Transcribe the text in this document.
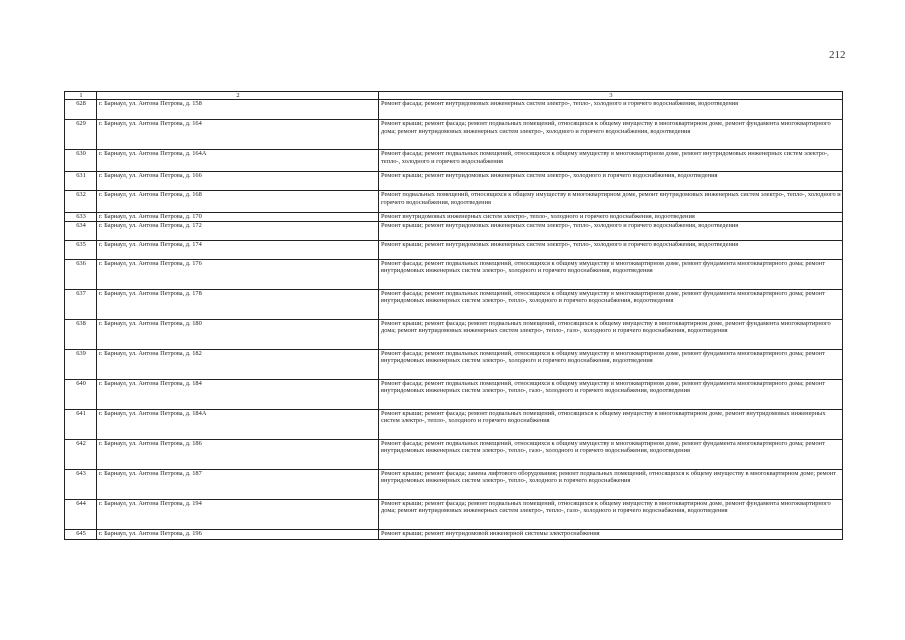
212
1	2	3
628	г. Барнаул, ул. Антона Петрова, д. 158	Ремонт фасада; ремонт внутридомовых инженерных систем электро-, тепло-, холодного и горячего водоснабжения, водоотведения
629	г. Барнаул, ул. Антона Петрова, д. 164	Ремонт крыши; ремонт фасада; ремонт подвальных помещений, относящихся к общему имуществу в многоквартирном доме, ремонт фундамента многоквартирного дома; ремонт внутридомовых инженерных систем электро-, холодного и горячего водоснабжения, водоотведения
630	г. Барнаул, ул. Антона Петрова, д. 164А	Ремонт фасада; ремонт подвальных помещений, относящихся к общему имуществу в многоквартирном доме, ремонт внутридомовых инженерных систем электро-, тепло-, холодного и горячего водоснабжения
631	г. Барнаул, ул. Антона Петрова, д. 166	Ремонт крыши; ремонт внутридомовых инженерных систем электро-, холодного и горячего водоснабжения, водоотведения
632	г. Барнаул, ул. Антона Петрова, д. 168	Ремонт подвальных помещений, относящихся к общему имуществу в многоквартирном доме, ремонт внутридомовых инженерных систем электро-, тепло-, холодного и горячего водоснабжения, водоотведения
633	г. Барнаул, ул. Антона Петрова, д. 170	Ремонт внутридомовых инженерных систем электро-, тепло-, холодного и горячего водоснабжения, водоотведения
634	г. Барнаул, ул. Антона Петрова, д. 172	Ремонт крыши; ремонт внутридомовых инженерных систем электро-, тепло-, холодного и горячего водоснабжения, водоотведения
635	г. Барнаул, ул. Антона Петрова, д. 174	Ремонт крыши; ремонт внутридомовых инженерных систем электро-, тепло-, холодного и горячего водоснабжения, водоотведения
636	г. Барнаул, ул. Антона Петрова, д. 176	Ремонт фасада; ремонт подвальных помещений, относящихся к общему имуществу в многоквартирном доме, ремонт фундамента многоквартирного дома; ремонт внутридомовых инженерных систем электро-, холодного и горячего водоснабжения, водоотведения
637	г. Барнаул, ул. Антона Петрова, д. 178	Ремонт фасада; ремонт подвальных помещений, относящихся к общему имуществу в многоквартирном доме, ремонт фундамента многоквартирного дома; ремонт внутридомовых инженерных систем электро-, тепло-, холодного и горячего водоснабжения, водоотведения
638	г. Барнаул, ул. Антона Петрова, д. 180	Ремонт крыши; ремонт фасада; ремонт подвальных помещений, относящихся к общему имуществу в многоквартирном доме, ремонт фундамента многоквартирного дома; ремонт внутридомовых инженерных систем электро-, тепло-, газо-, холодного и горячего водоснабжения, водоотведения
639	г. Барнаул, ул. Антона Петрова, д. 182	Ремонт фасада; ремонт подвальных помещений, относящихся к общему имуществу в многоквартирном доме, ремонт фундамента многоквартирного дома; ремонт внутридомовых инженерных систем электро-, холодного и горячего водоснабжения, водоотведения
640	г. Барнаул, ул. Антона Петрова, д. 184	Ремонт фасада; ремонт подвальных помещений, относящихся к общему имуществу в многоквартирном доме, ремонт фундамента многоквартирного дома; ремонт внутридомовых инженерных систем электро-, тепло-, газо-, холодного и горячего водоснабжения, водоотведения
641	г. Барнаул, ул. Антона Петрова, д. 184А	Ремонт крыши; ремонт фасада; ремонт подвальных помещений, относящихся к общему имуществу в многоквартирном доме, ремонт внутридомовых инженерных систем электро-, тепло-, холодного и горячего водоснабжения
642	г. Барнаул, ул. Антона Петрова, д. 186	Ремонт фасада; ремонт подвальных помещений, относящихся к общему имуществу в многоквартирном доме, ремонт фундамента многоквартирного дома; ремонт внутридомовых инженерных систем электро-, тепло-, газо-, холодного и горячего водоснабжения, водоотведения
643	г. Барнаул, ул. Антона Петрова, д. 187	Ремонт крыши; ремонт фасада; замена лифтового оборудования; ремонт подвальных помещений, относящихся к общему имуществу в многоквартирном доме; ремонт внутридомовых инженерных систем электро-, тепло-, холодного и горячего водоснабжения
644	г. Барнаул, ул. Антона Петрова, д. 194	Ремонт крыши; ремонт фасада; ремонт подвальных помещений, относящихся к общему имуществу в многоквартирном доме, ремонт фундамента многоквартирного дома; ремонт внутридомовых инженерных систем электро-, тепло-, газо-, холодного и горячего водоснабжения, водоотведения
645	г. Барнаул, ул. Антона Петрова, д. 196	Ремонт крыши; ремонт внутридомовой инженерной системы электроснабжения
